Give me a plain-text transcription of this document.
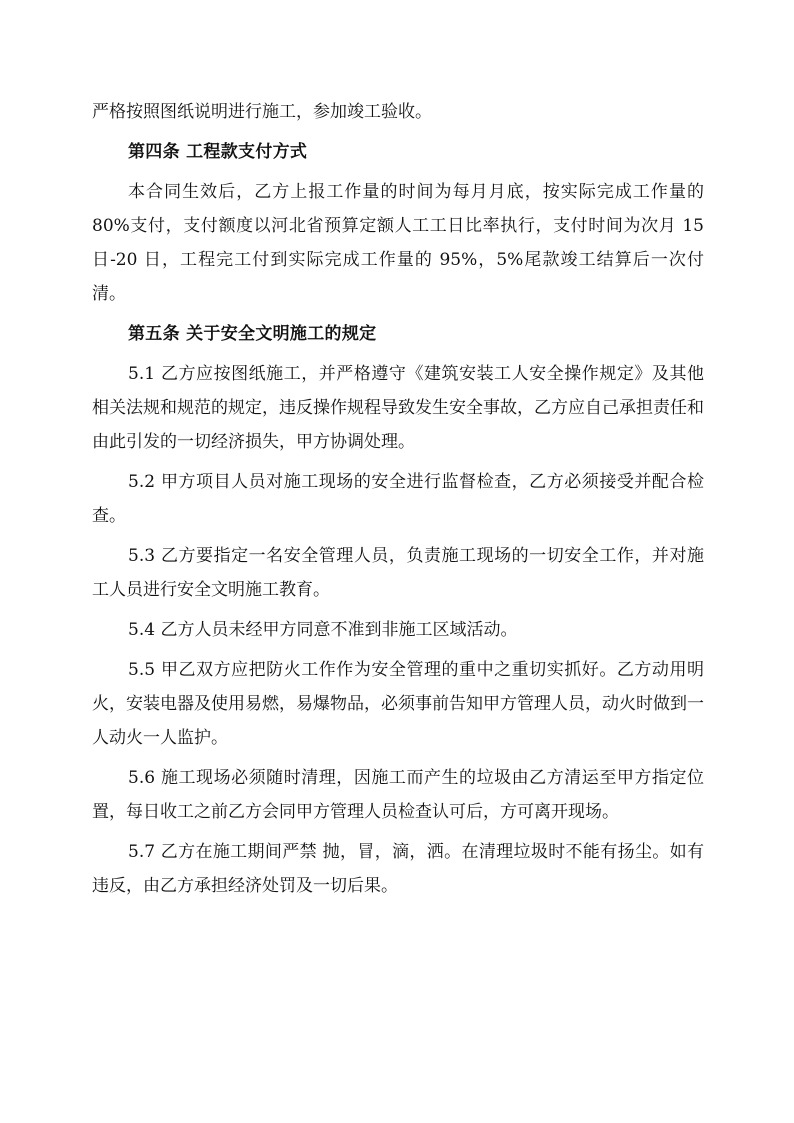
严格按照图纸说明进行施工，参加竣工验收。

第四条 工程款支付方式

本合同生效后，乙方上报工作量的时间为每月月底，按实际完成工作量的 80%支付，支付额度以河北省预算定额人工工日比率执行，支付时间为次月 15 日-20 日，工程完工付到实际完成工作量的 95%，5%尾款竣工结算后一次付清。

第五条 关于安全文明施工的规定

5.1 乙方应按图纸施工，并严格遵守《建筑安装工人安全操作规定》及其他相关法规和规范的规定，违反操作规程导致发生安全事故，乙方应自己承担责任和由此引发的一切经济损失，甲方协调处理。

5.2 甲方项目人员对施工现场的安全进行监督检查，乙方必须接受并配合检查。

5.3 乙方要指定一名安全管理人员，负责施工现场的一切安全工作，并对施工人员进行安全文明施工教育。

5.4 乙方人员未经甲方同意不准到非施工区域活动。

5.5 甲乙双方应把防火工作作为安全管理的重中之重切实抓好。乙方动用明火，安装电器及使用易燃，易爆物品，必须事前告知甲方管理人员，动火时做到一人动火一人监护。

5.6 施工现场必须随时清理，因施工而产生的垃圾由乙方清运至甲方指定位置，每日收工之前乙方会同甲方管理人员检查认可后，方可离开现场。

5.7 乙方在施工期间严禁 抛，冒，滴，洒。在清理垃圾时不能有扬尘。如有违反，由乙方承担经济处罚及一切后果。
